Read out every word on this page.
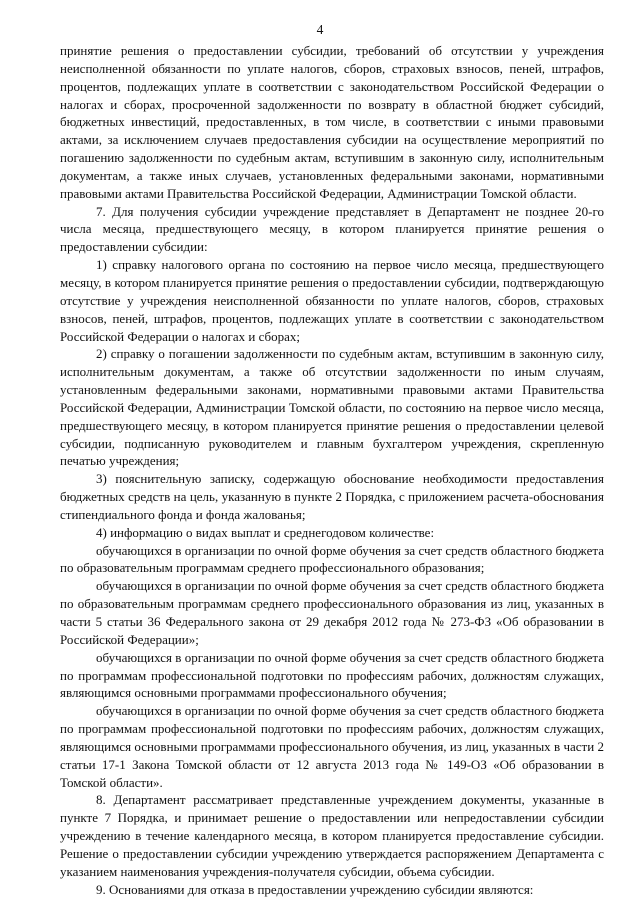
4

принятие решения о предоставлении субсидии, требований об отсутствии у учреждения неисполненной обязанности по уплате налогов, сборов, страховых взносов, пеней, штрафов, процентов, подлежащих уплате в соответствии с законодательством Российской Федерации о налогах и сборах, просроченной задолженности по возврату в областной бюджет субсидий, бюджетных инвестиций, предоставленных, в том числе, в соответствии с иными правовыми актами, за исключением случаев предоставления субсидии на осуществление мероприятий по погашению задолженности по судебным актам, вступившим в законную силу, исполнительным документам, а также иных случаев, установленных федеральными законами, нормативными правовыми актами Правительства Российской Федерации, Администрации Томской области.

7. Для получения субсидии учреждение представляет в Департамент не позднее 20-го числа месяца, предшествующего месяцу, в котором планируется принятие решения о предоставлении субсидии:

1) справку налогового органа по состоянию на первое число месяца, предшествующего месяцу, в котором планируется принятие решения о предоставлении субсидии, подтверждающую отсутствие у учреждения неисполненной обязанности по уплате налогов, сборов, страховых взносов, пеней, штрафов, процентов, подлежащих уплате в соответствии с законодательством Российской Федерации о налогах и сборах;

2) справку о погашении задолженности по судебным актам, вступившим в законную силу, исполнительным документам, а также об отсутствии задолженности по иным случаям, установленным федеральными законами, нормативными правовыми актами Правительства Российской Федерации, Администрации Томской области, по состоянию на первое число месяца, предшествующего месяцу, в котором планируется принятие решения о предоставлении целевой субсидии, подписанную руководителем и главным бухгалтером учреждения, скрепленную печатью учреждения;

3) пояснительную записку, содержащую обоснование необходимости предоставления бюджетных средств на цель, указанную в пункте 2 Порядка, с приложением расчета-обоснования стипендиального фонда и фонда жалованья;

4) информацию о видах выплат и среднегодовом количестве:

обучающихся в организации по очной форме обучения за счет средств областного бюджета по образовательным программам среднего профессионального образования;

обучающихся в организации по очной форме обучения за счет средств областного бюджета по образовательным программам среднего профессионального образования из лиц, указанных в части 5 статьи 36 Федерального закона от 29 декабря 2012 года № 273-ФЗ «Об образовании в Российской Федерации»;

обучающихся в организации по очной форме обучения за счет средств областного бюджета по программам профессиональной подготовки по профессиям рабочих, должностям служащих, являющимся основными программами профессионального обучения;

обучающихся в организации по очной форме обучения за счет средств областного бюджета по программам профессиональной подготовки по профессиям рабочих, должностям служащих, являющимся основными программами профессионального обучения, из лиц, указанных в части 2 статьи 17-1 Закона Томской области от 12 августа 2013 года № 149-ОЗ «Об образовании в Томской области».

8. Департамент рассматривает представленные учреждением документы, указанные в пункте 7 Порядка, и принимает решение о предоставлении или непредоставлении субсидии учреждению в течение календарного месяца, в котором планируется предоставление субсидии. Решение о предоставлении субсидии учреждению утверждается распоряжением Департамента с указанием наименования учреждения-получателя субсидии, объема субсидии.

9. Основаниями для отказа в предоставлении учреждению субсидии являются:
